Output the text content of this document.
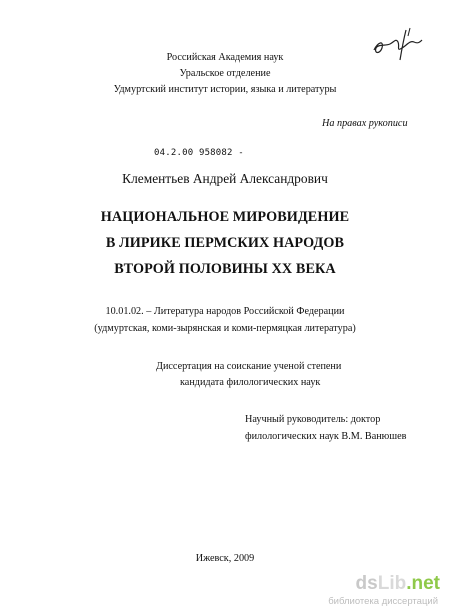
Российская Академия наук
Уральское отделение
Удмуртский институт истории, языка и литературы
На правах рукописи
04.2.00 958082 -
Клементьев Андрей Александрович
НАЦИОНАЛЬНОЕ МИРОВИДЕНИЕ
В ЛИРИКЕ ПЕРМСКИХ НАРОДОВ
ВТОРОЙ ПОЛОВИНЫ XX ВЕКА
10.01.02. – Литература народов Российской Федерации
(удмуртская, коми-зырянская и коми-пермяцкая литература)
Диссертация на соискание ученой степени
кандидата филологических наук
Научный руководитель: доктор
филологических наук В.М. Ванюшев
Ижевск, 2009
dsLib.net
библиотека диссертаций
